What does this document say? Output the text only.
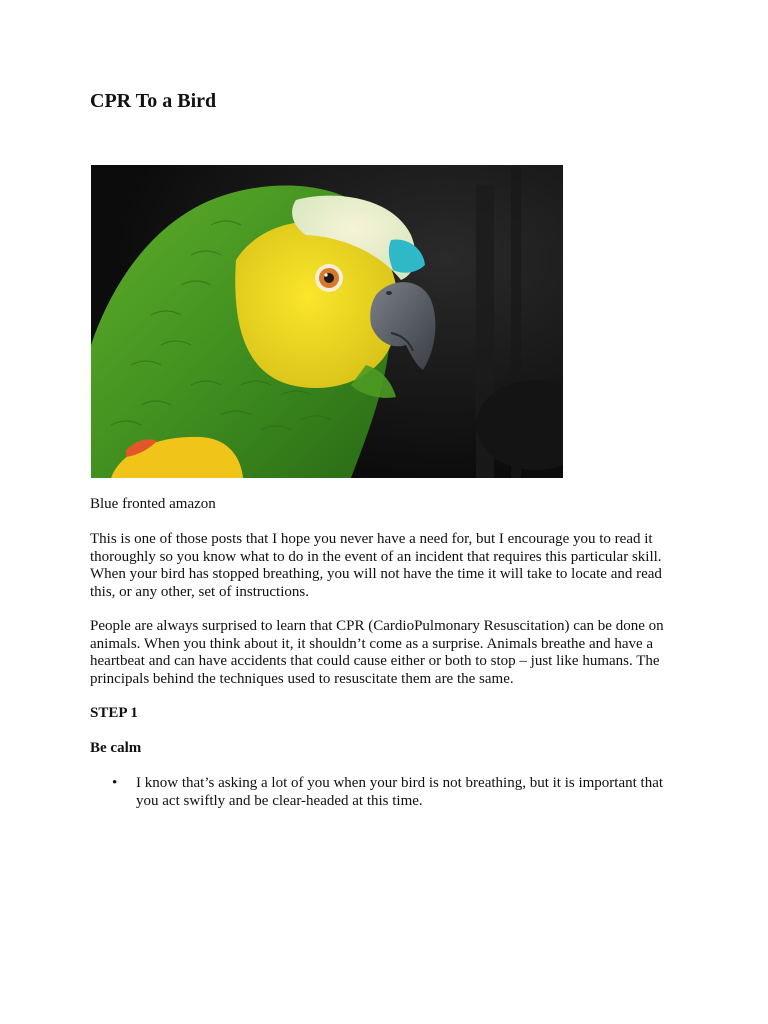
CPR To a Bird

Blue fronted amazon

This is one of those posts that I hope you never have a need for, but I encourage you to read it thoroughly so you know what to do in the event of an incident that requires this particular skill. When your bird has stopped breathing, you will not have the time it will take to locate and read this, or any other, set of instructions.

People are always surprised to learn that CPR (CardioPulmonary Resuscitation) can be done on animals. When you think about it, it shouldn’t come as a surprise. Animals breathe and have a heartbeat and can have accidents that could cause either or both to stop – just like humans. The principals behind the techniques used to resuscitate them are the same.

STEP 1

Be calm

• I know that’s asking a lot of you when your bird is not breathing, but it is important that you act swiftly and be clear-headed at this time.
